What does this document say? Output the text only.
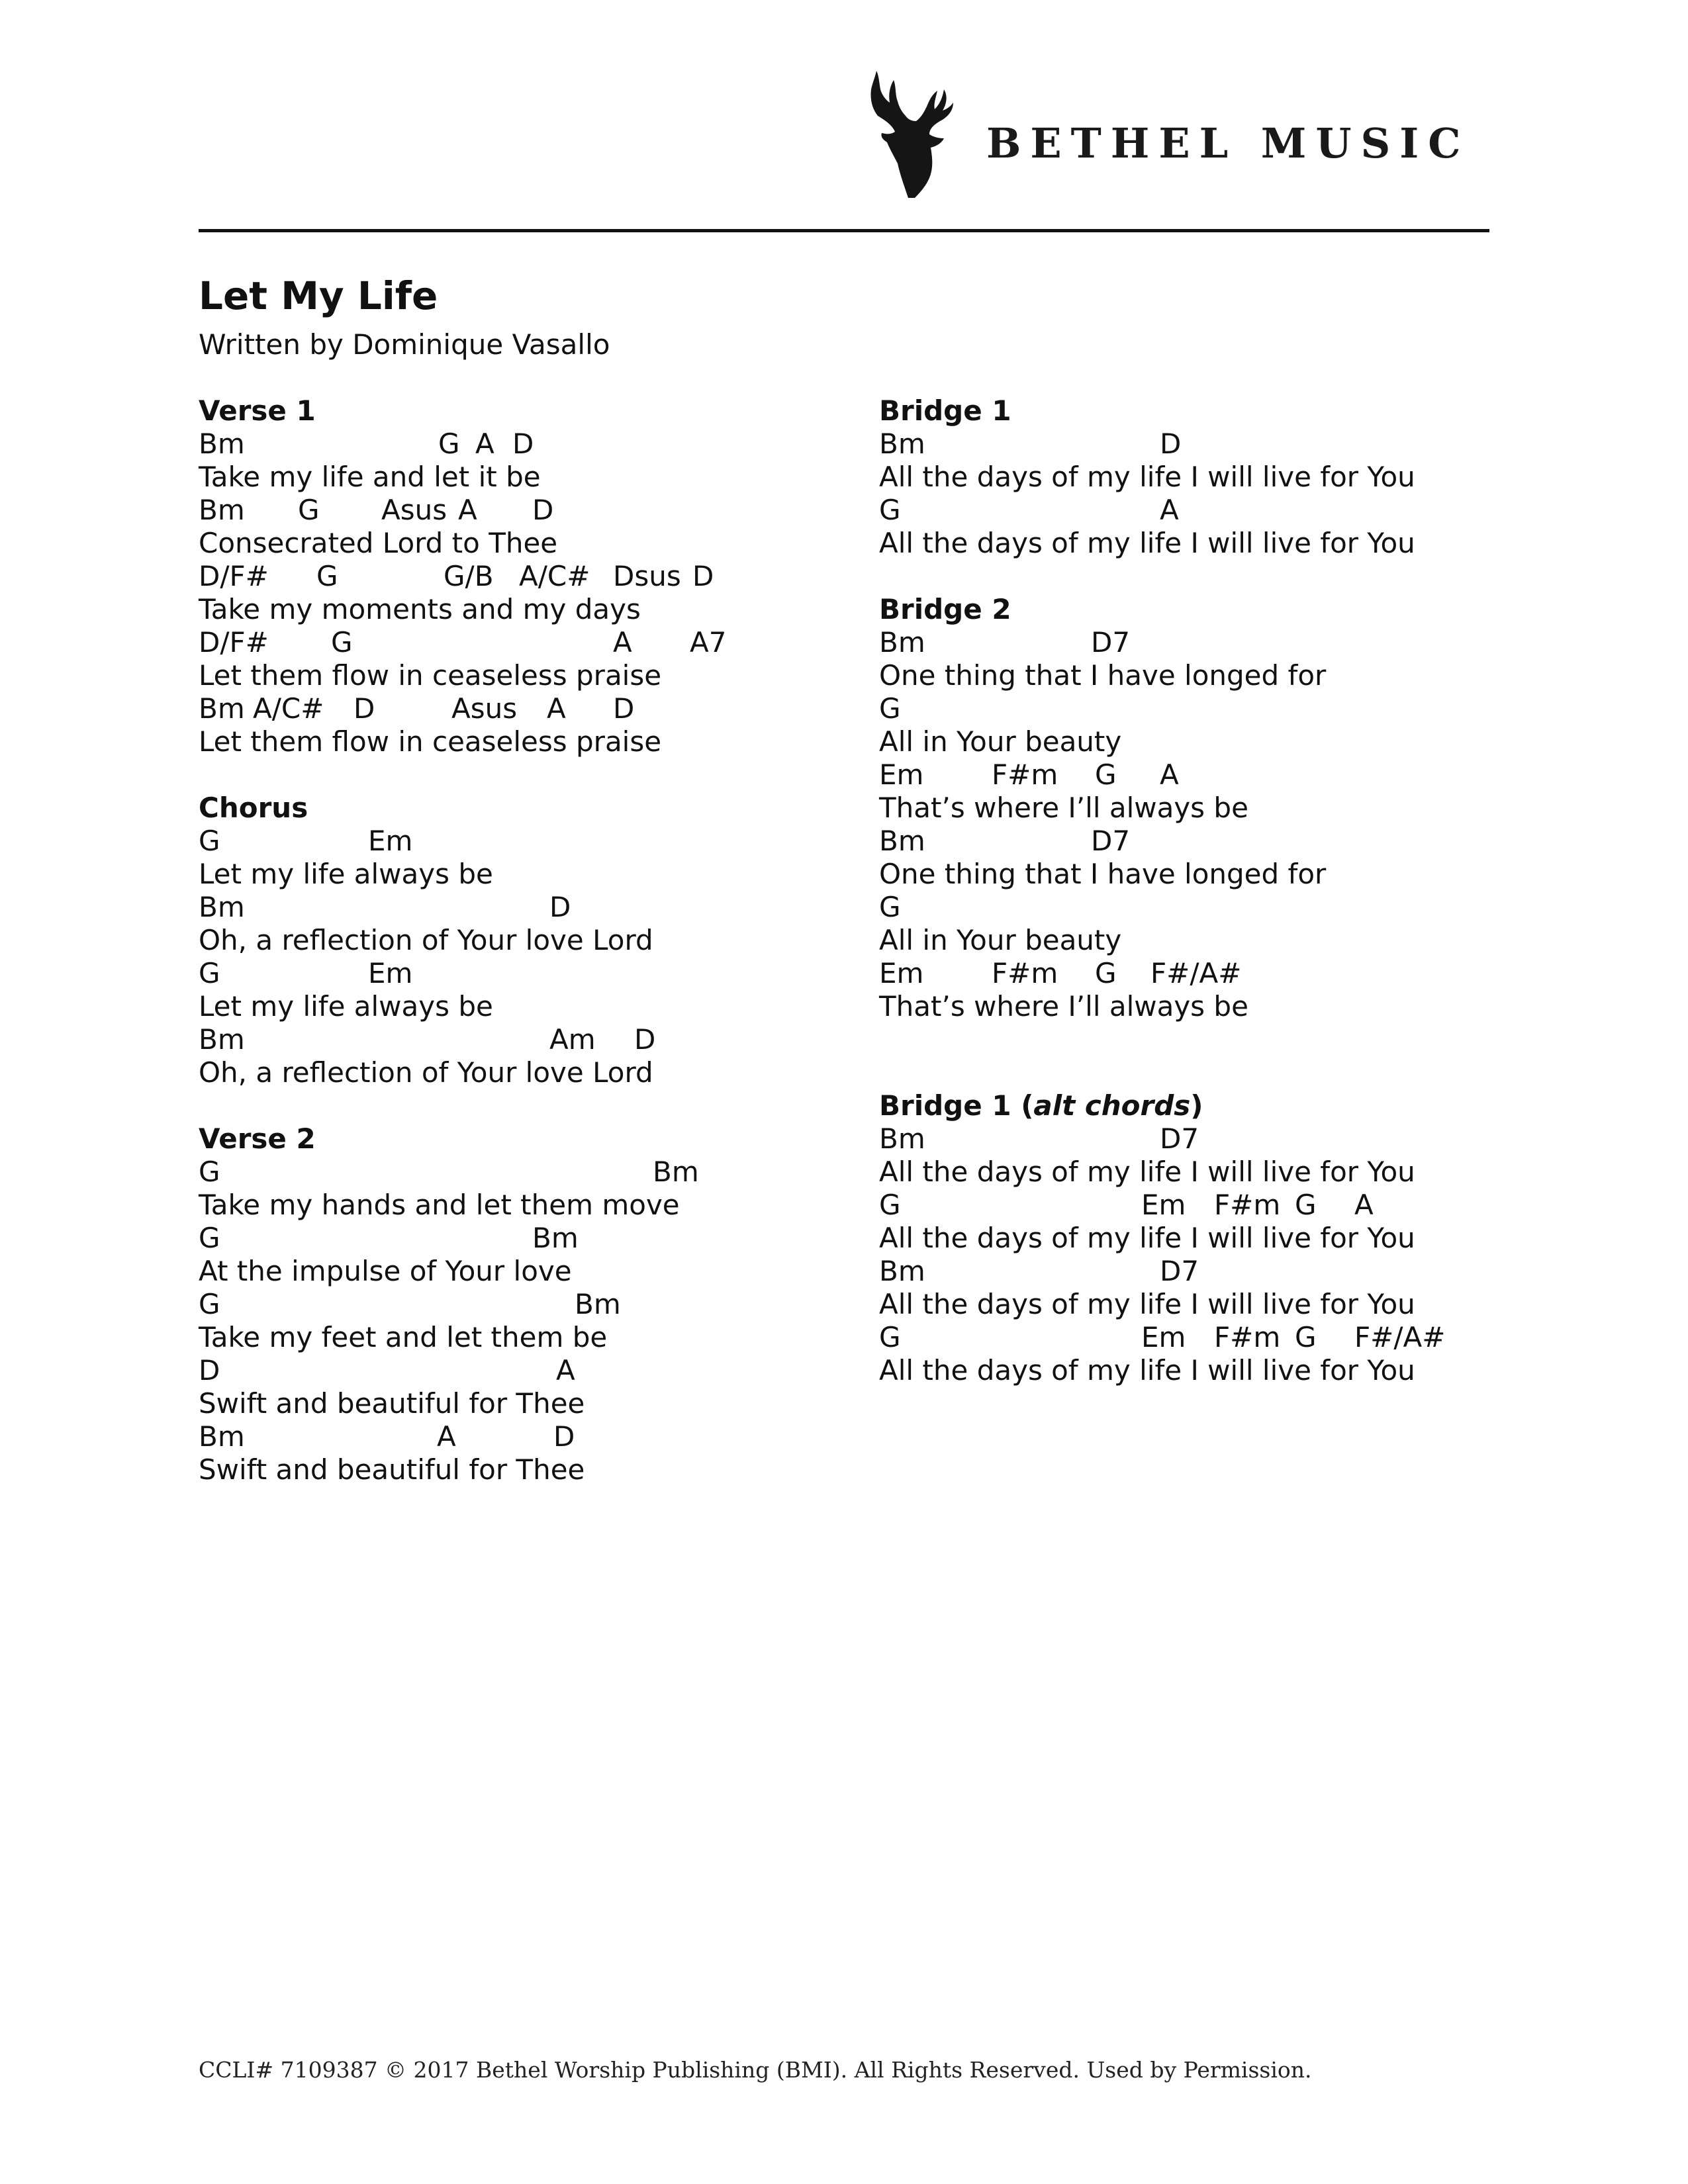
BETHEL MUSIC
Let My Life
Written by Dominique Vasallo
Verse 1
Bm	G A D
Take my life and let it be
Bm G Asus A D
Consecrated Lord to Thee
D/F# G	G/B A/C# Dsus D
Take my moments and my days
D/F# G	A A7
Let them flow in ceaseless praise
Bm A/C# D	Asus A D
Let them flow in ceaseless praise
Chorus
G	Em
Let my life always be
Bm	D
Oh, a reflection of Your love Lord
G	Em
Let my life always be
Bm	Am D
Oh, a reflection of Your love Lord
Verse 2
G	Bm
Take my hands and let them move
G	Bm
At the impulse of Your love
G	Bm
Take my feet and let them be
D	A
Swift and beautiful for Thee
Bm	A	D
Swift and beautiful for Thee
Bridge 1
Bm	D
All the days of my life I will live for You
G	A
All the days of my life I will live for You
Bridge 2
Bm	D7
One thing that I have longed for
G
All in Your beauty
Em F#m G A
That’s where I’ll always be
Bm	D7
One thing that I have longed for
G
All in Your beauty
Em F#m G F#/A#
That’s where I’ll always be
Bridge 1 (alt chords)
Bm	D7
All the days of my life I will live for You
G	Em F#m G A
All the days of my life I will live for You
Bm	D7
All the days of my life I will live for You
G	Em F#m G F#/A#
All the days of my life I will live for You
CCLI# 7109387 © 2017 Bethel Worship Publishing (BMI). All Rights Reserved. Used by Permission.
